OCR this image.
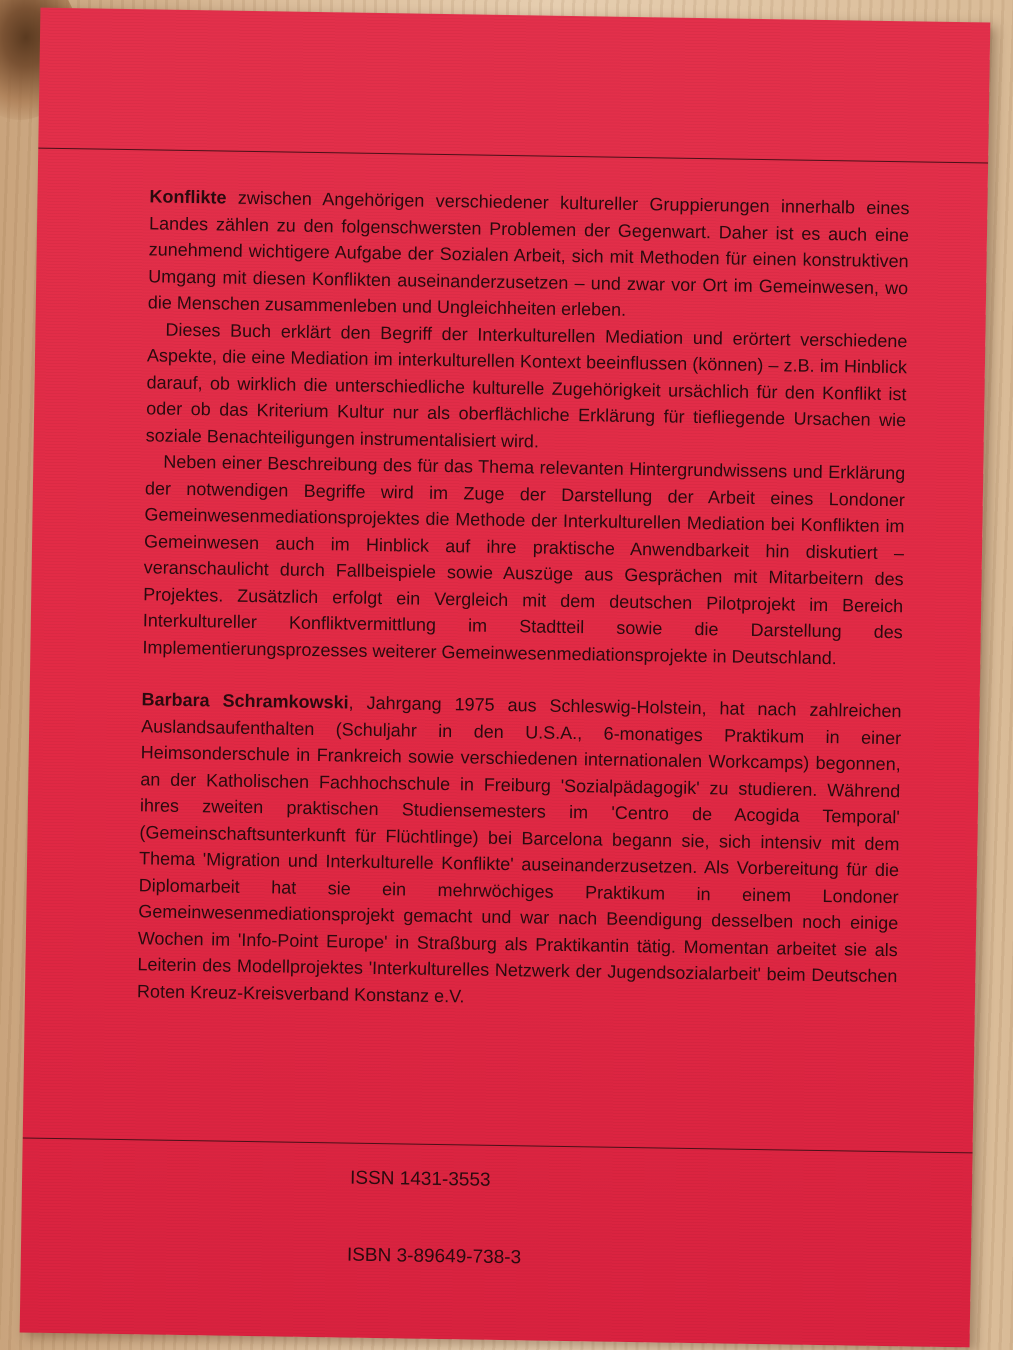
Konflikte zwischen Angehörigen verschiedener kultureller Gruppierungen innerhalb eines Landes zählen zu den folgenschwersten Problemen der Gegenwart. Daher ist es auch eine zunehmend wichtigere Aufgabe der Sozialen Arbeit, sich mit Methoden für einen konstruktiven Umgang mit diesen Konflikten auseinanderzusetzen – und zwar vor Ort im Gemeinwesen, wo die Menschen zusammenleben und Ungleichheiten erleben.

Dieses Buch erklärt den Begriff der Interkulturellen Mediation und erörtert verschiedene Aspekte, die eine Mediation im interkulturellen Kontext beeinflussen (können) – z.B. im Hinblick darauf, ob wirklich die unterschiedliche kulturelle Zugehörigkeit ursächlich für den Konflikt ist oder ob das Kriterium Kultur nur als oberflächliche Erklärung für tiefliegende Ursachen wie soziale Benachteiligungen instrumentalisiert wird.

Neben einer Beschreibung des für das Thema relevanten Hintergrundwissens und Erklärung der notwendigen Begriffe wird im Zuge der Darstellung der Arbeit eines Londoner Gemeinwesenmediationsprojektes die Methode der Interkulturellen Mediation bei Konflikten im Gemeinwesen auch im Hinblick auf ihre praktische Anwendbarkeit hin diskutiert – veranschaulicht durch Fallbeispiele sowie Auszüge aus Gesprächen mit Mitarbeitern des Projektes. Zusätzlich erfolgt ein Vergleich mit dem deutschen Pilotprojekt im Bereich Interkultureller Konfliktvermittlung im Stadtteil sowie die Darstellung des Implementierungsprozesses weiterer Gemeinwesenmediationsprojekte in Deutschland.

Barbara Schramkowski, Jahrgang 1975 aus Schleswig-Holstein, hat nach zahlreichen Auslandsaufenthalten (Schuljahr in den U.S.A., 6-monatiges Praktikum in einer Heimsonderschule in Frankreich sowie verschiedenen internationalen Workcamps) begonnen, an der Katholischen Fachhochschule in Freiburg 'Sozialpädagogik' zu studieren. Während ihres zweiten praktischen Studiensemesters im 'Centro de Acogida Temporal' (Gemeinschaftsunterkunft für Flüchtlinge) bei Barcelona begann sie, sich intensiv mit dem Thema 'Migration und Interkulturelle Konflikte' auseinanderzusetzen. Als Vorbereitung für die Diplomarbeit hat sie ein mehrwöchiges Praktikum in einem Londoner Gemeinwesenmediationsprojekt gemacht und war nach Beendigung desselben noch einige Wochen im 'Info-Point Europe' in Straßburg als Praktikantin tätig. Momentan arbeitet sie als Leiterin des Modellprojektes 'Interkulturelles Netzwerk der Jugendsozialarbeit' beim Deutschen Roten Kreuz-Kreisverband Konstanz e.V.

ISSN 1431-3553
ISBN 3-89649-738-3
